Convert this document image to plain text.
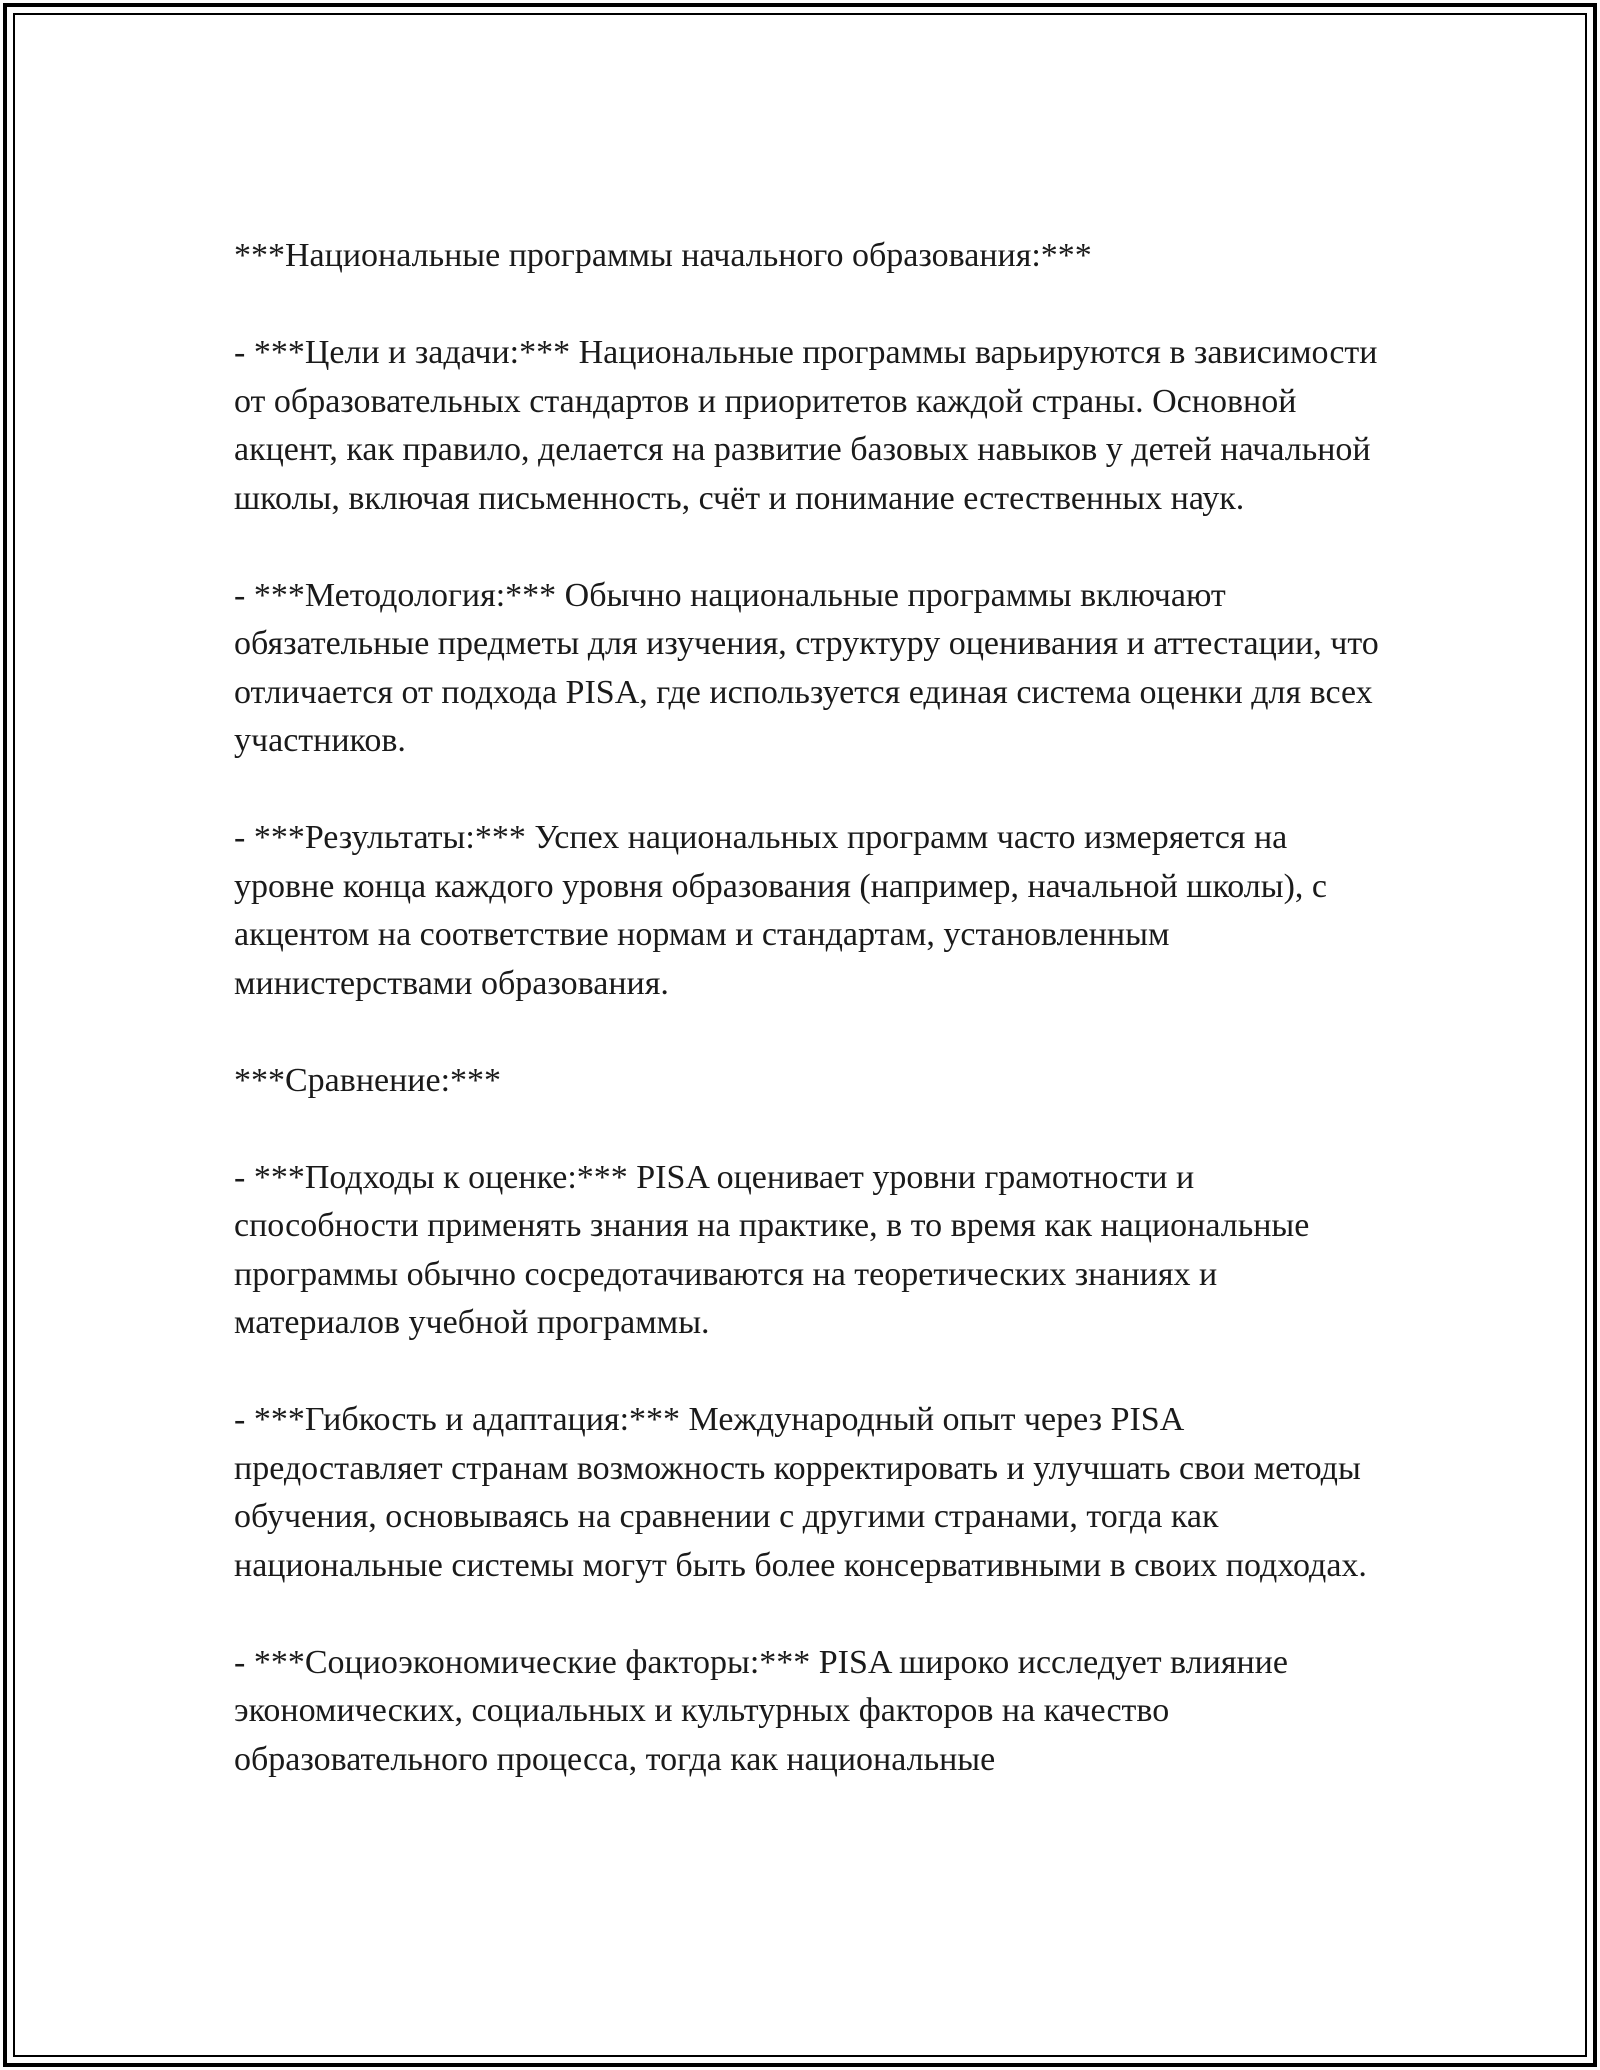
***Национальные программы начального образования:***

- ***Цели и задачи:*** Национальные программы варьируются в зависимости от образовательных стандартов и приоритетов каждой страны. Основной акцент, как правило, делается на развитие базовых навыков у детей начальной школы, включая письменность, счёт и понимание естественных наук.

- ***Методология:*** Обычно национальные программы включают обязательные предметы для изучения, структуру оценивания и аттестации, что отличается от подхода PISA, где используется единая система оценки для всех участников.

- ***Результаты:*** Успех национальных программ часто измеряется на уровне конца каждого уровня образования (например, начальной школы), с акцентом на соответствие нормам и стандартам, установленным министерствами образования.

***Сравнение:***

- ***Подходы к оценке:*** PISA оценивает уровни грамотности и способности применять знания на практике, в то время как национальные программы обычно сосредотачиваются на теоретических знаниях и материалов учебной программы.

- ***Гибкость и адаптация:*** Международный опыт через PISA предоставляет странам возможность корректировать и улучшать свои методы обучения, основываясь на сравнении с другими странами, тогда как национальные системы могут быть более консервативными в своих подходах.

- ***Социоэкономические факторы:*** PISA широко исследует влияние экономических, социальных и культурных факторов на качество образовательного процесса, тогда как национальные
